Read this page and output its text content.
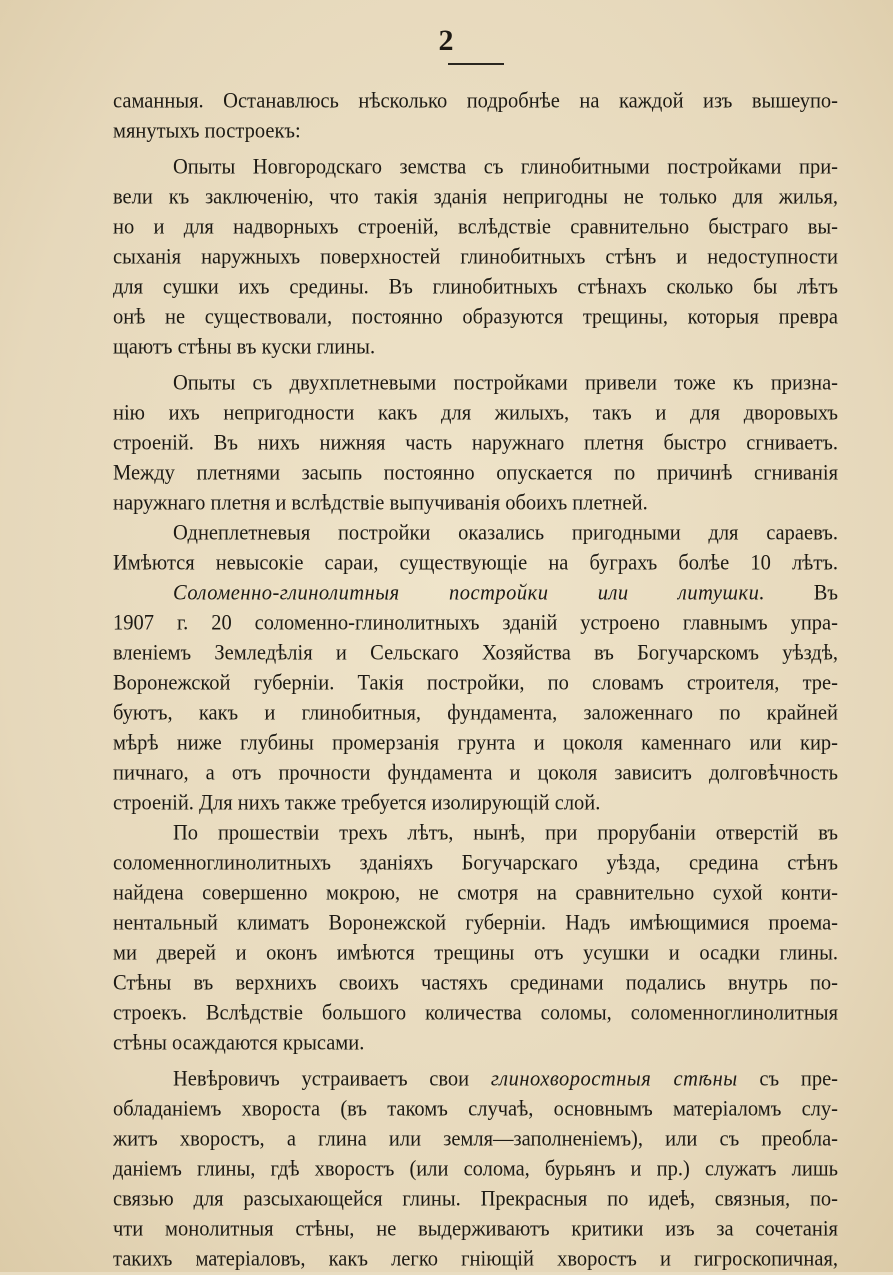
2
саманныя. Останавлюсь нѣсколько подробнѣе на каждой изъ вышеупо-
мянутыхъ построекъ:
Опыты Новгородскаго земства съ глинобитными постройками при-
вели къ заключенію, что такія зданія непригодны не только для жилья,
но и для надворныхъ строеній, вслѣдствіе сравнительно быстраго вы-
сыханія наружныхъ поверхностей глинобитныхъ стѣнъ и недоступности
для сушки ихъ средины. Въ глинобитныхъ стѣнахъ сколько бы лѣтъ
онѣ не существовали, постоянно образуются трещины, которыя превра
щаютъ стѣны въ куски глины.
Опыты съ двухплетневыми постройками привели тоже къ призна-
нію ихъ непригодности какъ для жилыхъ, такъ и для дворовыхъ
строеній. Въ нихъ нижняя часть наружнаго плетня быстро сгниваетъ.
Между плетнями засыпь постоянно опускается по причинѣ сгниванія
наружнаго плетня и вслѣдствіе выпучиванія обоихъ плетней.
Однеплетневыя постройки оказались пригодными для сараевъ.
Имѣются невысокіе сараи, существующіе на буграхъ болѣе 10 лѣтъ.
Соломенно-глинолитныя постройки или литушки. Въ
1907 г. 20 соломенно-глинолитныхъ зданій устроено главнымъ упра-
вленіемъ Земледѣлія и Сельскаго Хозяйства въ Богучарскомъ уѣздѣ,
Воронежской губерніи. Такія постройки, по словамъ строителя, тре-
буютъ, какъ и глинобитныя, фундамента, заложеннаго по крайней
мѣрѣ ниже глубины промерзанія грунта и цоколя каменнаго или кир-
пичнаго, а отъ прочности фундамента и цоколя зависитъ долговѣчность
строеній. Для нихъ также требуется изолирующій слой.
По прошествіи трехъ лѣтъ, нынѣ, при прорубаніи отверстій въ
соломенноглинолитныхъ зданіяхъ Богучарскаго уѣзда, средина стѣнъ
найдена совершенно мокрою, не смотря на сравнительно сухой конти-
нентальный климатъ Воронежской губерніи. Надъ имѣющимися проема-
ми дверей и оконъ имѣются трещины отъ усушки и осадки глины.
Стѣны въ верхнихъ своихъ частяхъ срединами подались внутрь по-
строекъ. Вслѣдствіе большого количества соломы, соломенноглинолитныя
стѣны осаждаются крысами.
Невѣровичъ устраиваетъ свои глинохворостныя стѣны съ пре-
обладаніемъ хвороста (въ такомъ случаѣ, основнымъ матеріаломъ слу-
житъ хворостъ, а глина или земля—заполненіемъ), или съ преобла-
даніемъ глины, гдѣ хворостъ (или солома, бурьянъ и пр.) служатъ лишь
связью для разсыхающейся глины. Прекрасныя по идеѣ, связныя, по-
чти монолитныя стѣны, не выдерживаютъ критики изъ за сочетанія
такихъ матеріаловъ, какъ легко гніющій хворостъ и гигроскопичная,
